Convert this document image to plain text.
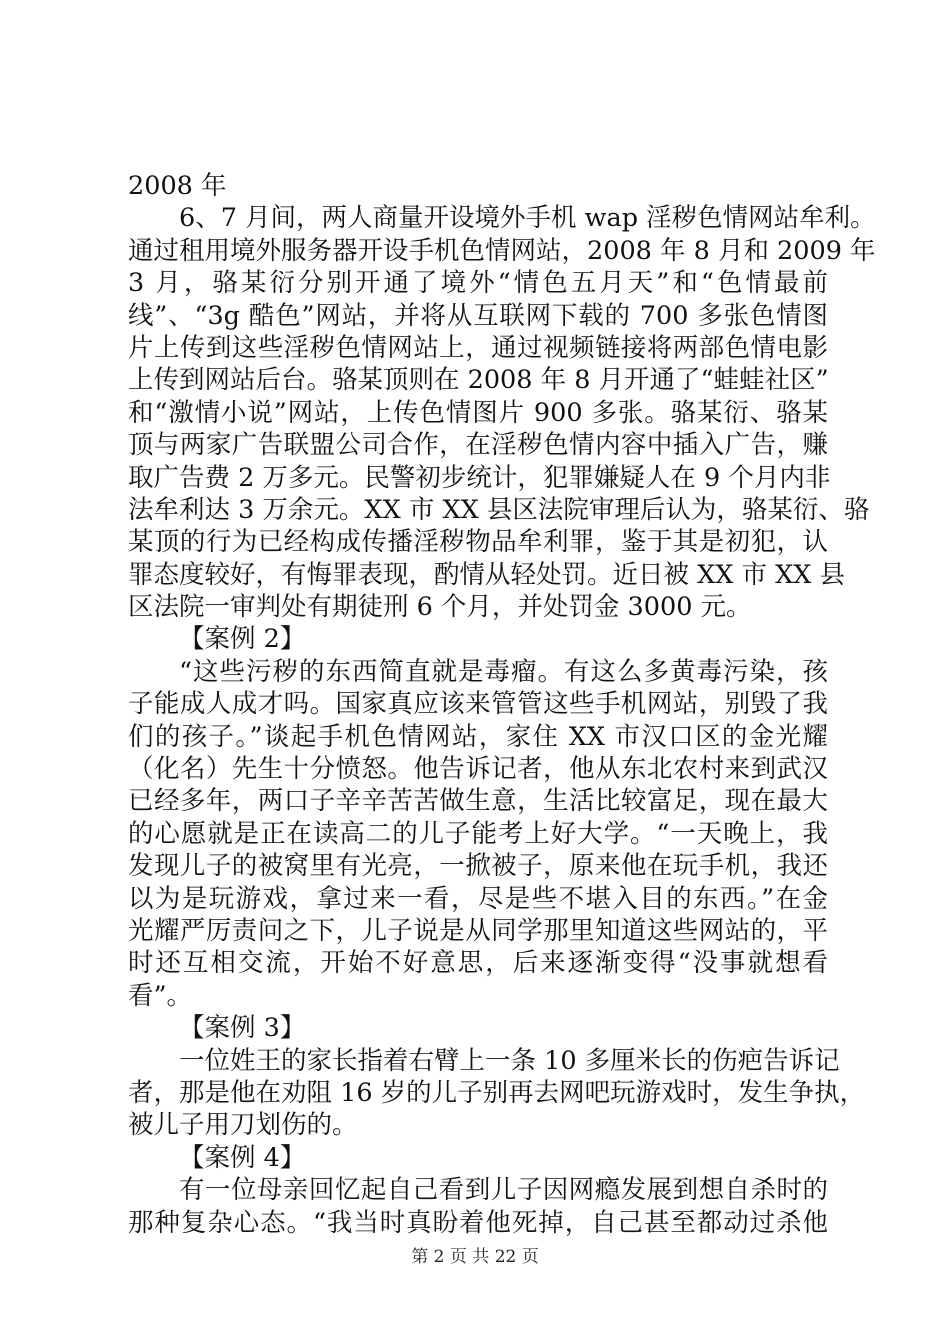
2008 年
6、7 月间，两人商量开设境外手机 wap 淫秽色情网站牟利。
通过租用境外服务器开设手机色情网站，2008 年 8 月和 2009 年
3 月，骆某衍分别开通了境外“情色五月天”和“色情最前
线”、“3g 酷色”网站，并将从互联网下载的 700 多张色情图
片上传到这些淫秽色情网站上，通过视频链接将两部色情电影
上传到网站后台。骆某顶则在 2008 年 8 月开通了“蛙蛙社区”
和“激情小说”网站，上传色情图片 900 多张。骆某衍、骆某
顶与两家广告联盟公司合作，在淫秽色情内容中插入广告，赚
取广告费 2 万多元。民警初步统计，犯罪嫌疑人在 9 个月内非
法牟利达 3 万余元。XX 市 XX 县区法院审理后认为，骆某衍、骆
某顶的行为已经构成传播淫秽物品牟利罪，鉴于其是初犯，认
罪态度较好，有悔罪表现，酌情从轻处罚。近日被 XX 市 XX 县
区法院一审判处有期徒刑 6 个月，并处罚金 3000 元。
【案例 2】
“这些污秽的东西简直就是毒瘤。有这么多黄毒污染，孩
子能成人成才吗。国家真应该来管管这些手机网站，别毁了我
们的孩子。”谈起手机色情网站，家住 XX 市汉口区的金光耀
（化名）先生十分愤怒。他告诉记者，他从东北农村来到武汉
已经多年，两口子辛辛苦苦做生意，生活比较富足，现在最大
的心愿就是正在读高二的儿子能考上好大学。“一天晚上，我
发现儿子的被窝里有光亮，一掀被子，原来他在玩手机，我还
以为是玩游戏，拿过来一看，尽是些不堪入目的东西。”在金
光耀严厉责问之下，儿子说是从同学那里知道这些网站的，平
时还互相交流，开始不好意思，后来逐渐变得“没事就想看
看”。
【案例 3】
一位姓王的家长指着右臂上一条 10 多厘米长的伤疤告诉记
者，那是他在劝阻 16 岁的儿子别再去网吧玩游戏时，发生争执，
被儿子用刀划伤的。
【案例 4】
有一位母亲回忆起自己看到儿子因网瘾发展到想自杀时的
那种复杂心态。“我当时真盼着他死掉，自己甚至都动过杀他
第 2 页 共 22 页
